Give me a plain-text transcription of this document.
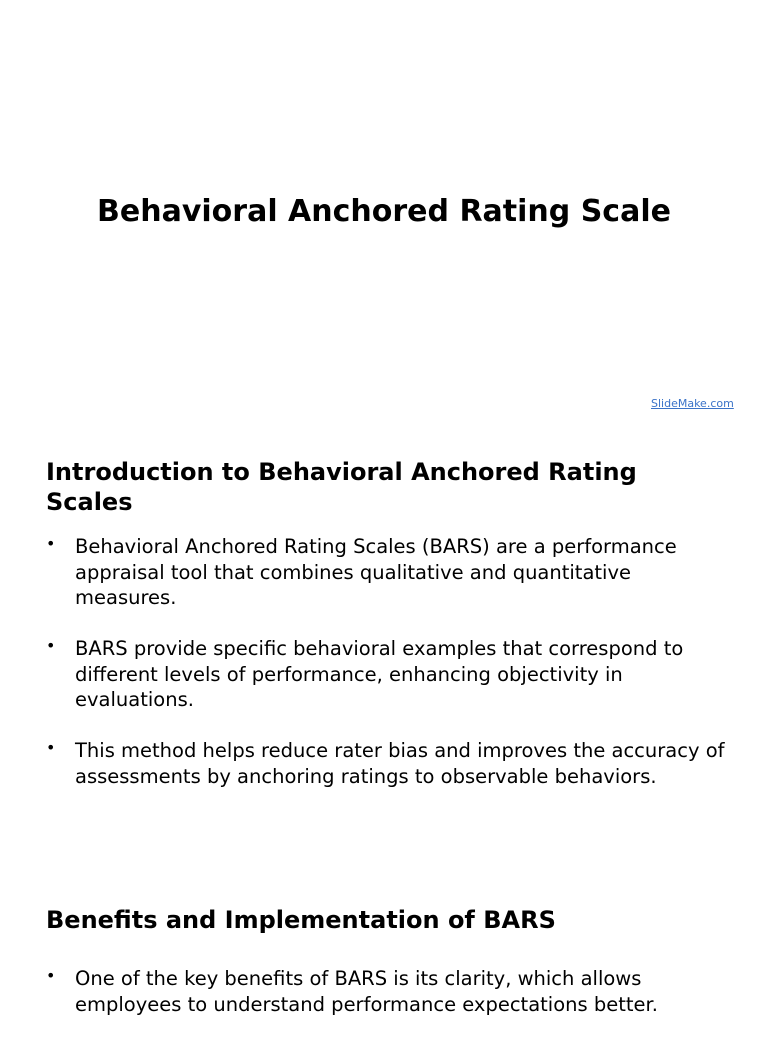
Behavioral Anchored Rating Scale
SlideMake.com
Introduction to Behavioral Anchored Rating Scales
• Behavioral Anchored Rating Scales (BARS) are a performance appraisal tool that combines qualitative and quantitative measures.
• BARS provide specific behavioral examples that correspond to different levels of performance, enhancing objectivity in evaluations.
• This method helps reduce rater bias and improves the accuracy of assessments by anchoring ratings to observable behaviors.
Benefits and Implementation of BARS
• One of the key benefits of BARS is its clarity, which allows employees to understand performance expectations better.
